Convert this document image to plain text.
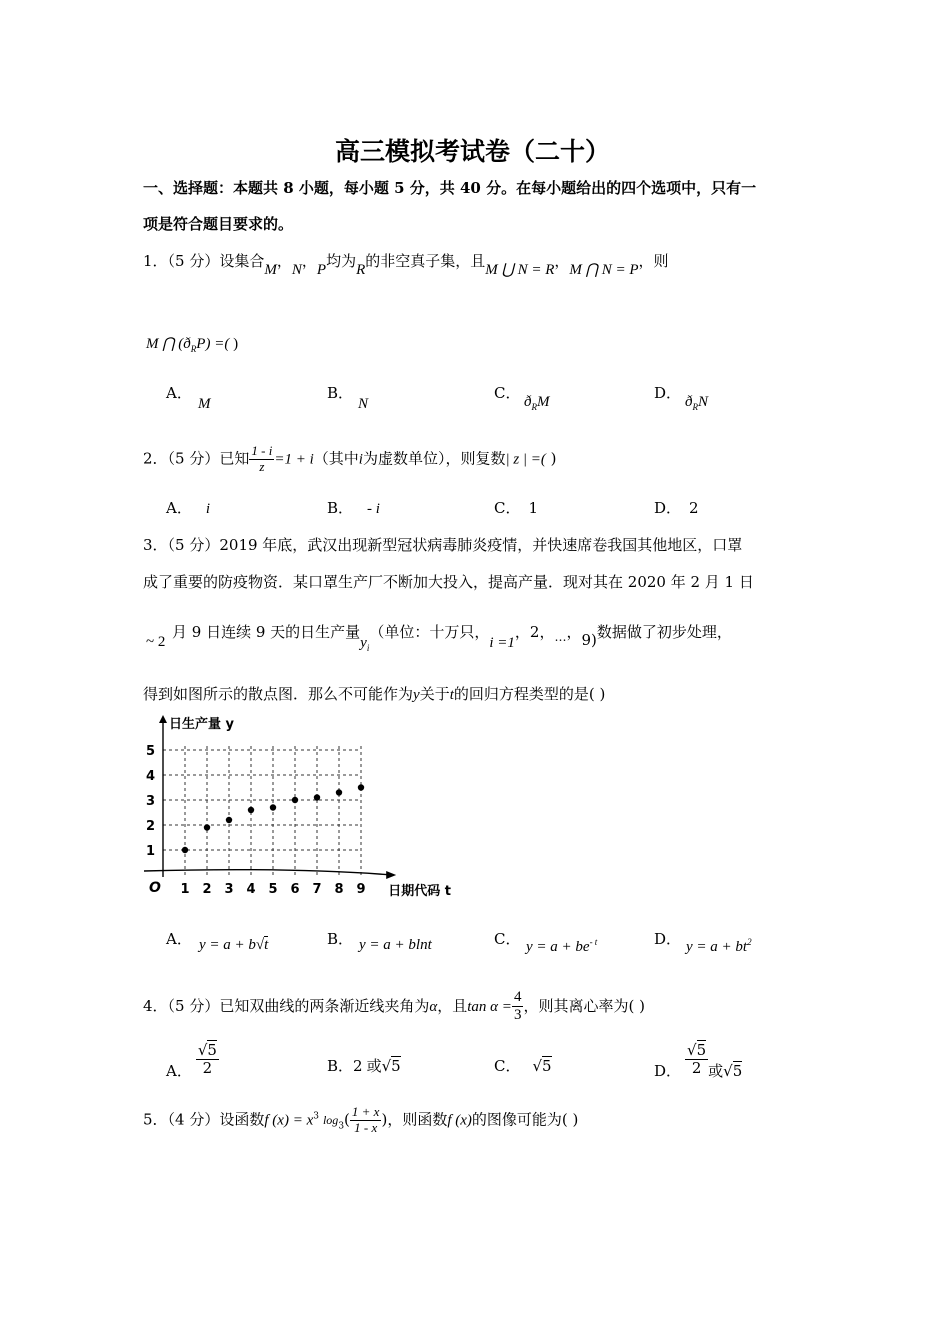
高三模拟考试卷（二十）
一、选择题：本题共 8 小题，每小题 5 分，共 40 分。在每小题给出的四个选项中，只有一
项是符合题目要求的。
1．（5 分）设集合M，N，P均为R的非空真子集，且M ⋃ N = R，M ⋂ N = P，则
M ⋂ $(ð_RP)$ =( )
A．
M
B．
N
C． $ð_RM$	D． $ð_RN$
2．（5 分）已知 $\frac{1 - i}{z} =1 + i$（其中i为虚数单位），则复数| z | =( )
A． i	B． - i	C． 1	D． 2
3．（5 分）2019 年底，武汉出现新型冠状病毒肺炎疫情，并快速席卷我国其他地区，口罩
成了重要的防疫物资．某口罩生产厂不断加大投入，提高产量．现对其在 2020 年 2 月 1 日
~ 2
月 9 日连续 9 天的日生产量$y_i$（单位：十万只，i =1，2，$_\dots$，9)数据做了初步处理，
得到如图所示的散点图．那么不可能作为y关于t的回归方程类型的是( )
1 2 3 4 5 6 7 8 9
1
2
3
4
5
O
日生产量 y
日期代码 t
A． y = a + b√t	B． y = a + blnt	C． $y = a + be^{- t}$	D． $y = a + bt^2$
4．（5 分）已知双曲线的两条渐近线夹角为α，且$\tan \alpha = \frac{4}{3}$ ，则其离心率为( )
A． $\frac{√5}{2}$	B．2 或√5	C． √5	D． $\frac{√5}{2}$ 或√5
5．（4 分）设函数f $(x) = x^3$ $\log_3( \frac{1 + x}{1 - x}$ )，则函数f (x)的图像可能为( )
